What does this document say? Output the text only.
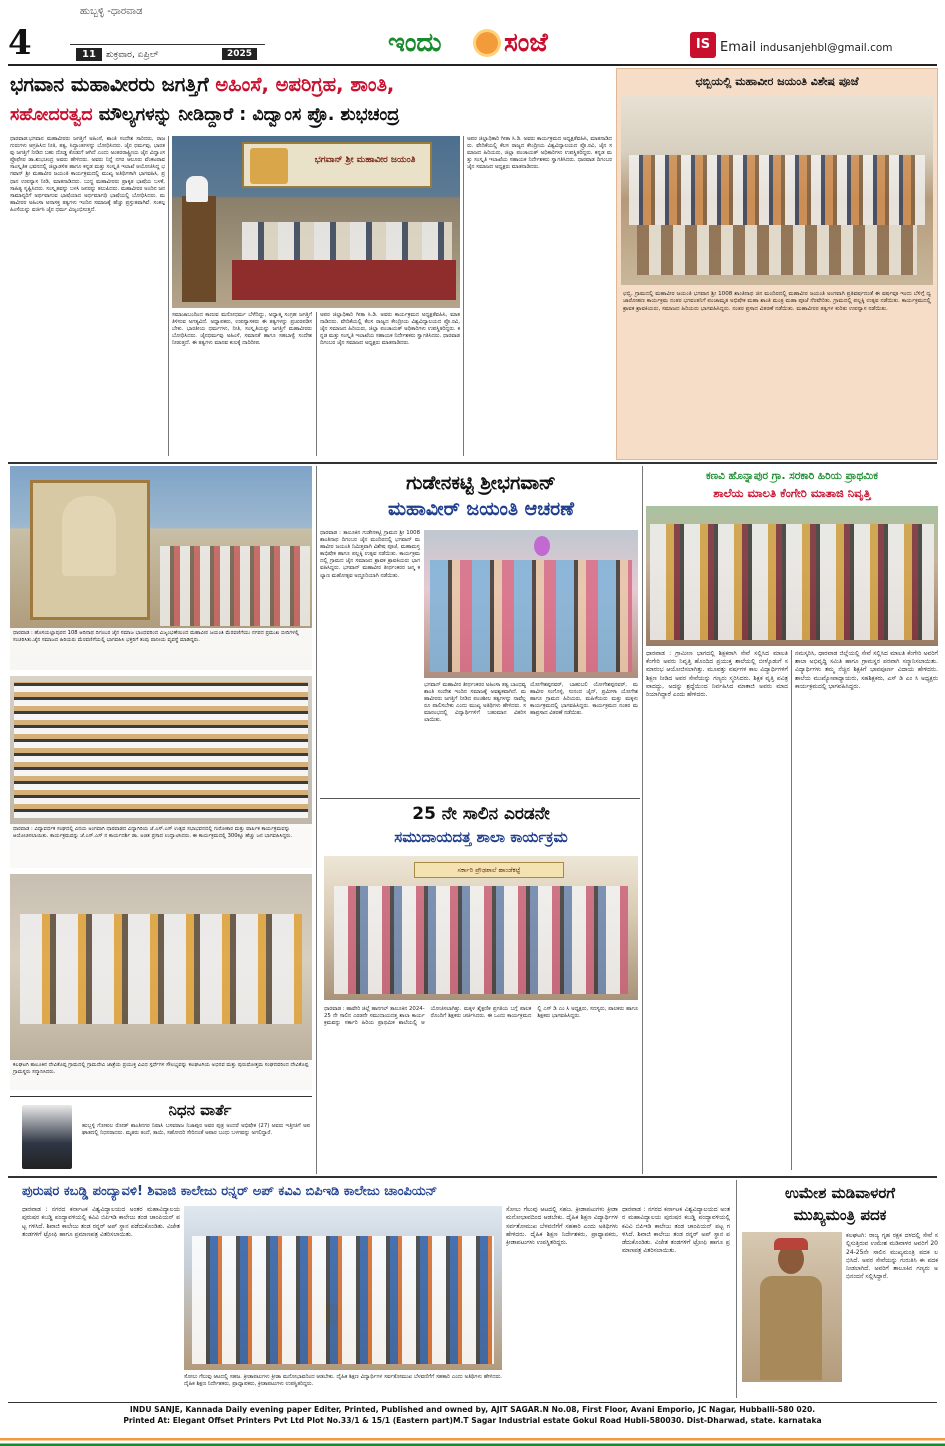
4
ಹುಬ್ಬಳ್ಳಿ -ಧಾರವಾಡ
11	ಶುಕ್ರವಾರ, ಏಪ್ರಿಲ್	2025	ಇಂದು ಸಂಜೆ	IS Email indusanjehbl@gmail.com
ಭಗವಾನ ಮಹಾವೀರರು ಜಗತ್ತಿಗೆ ಅಹಿಂಸೆ, ಅಪರಿಗ್ರಹ, ಶಾಂತಿ,
ಸಹೋದರತ್ವದ ಮೌಲ್ಯಗಳನ್ನು ನೀಡಿದ್ದಾರೆ : ವಿದ್ವಾಂಸ ಪ್ರೊ. ಶುಭಚಂದ್ರ
ಧಾರವಾಡ:ಭಗವಾನ ಮಹಾವೀರರು ಜಗತ್ತಿಗೆ ಅಹಿಂಸೆ, ಶಾಂತಿ ಸಂದೇಶ ಸಾರಿದರು, ರಾಜಗುರುಗಳು ಆಗ್ರಹಿಸಿದ ನೀತಿ, ತತ್ವ, ಸಿದ್ಧಾಂತಗಳನ್ನು ಬೋಧಿಸಿದರು. ಜೈನ ಧರ್ಮವು, ಭಾರತವು ಜಗತ್ತಿಗೆ ನೀಡಿದ ಬಹು ದೊಡ್ಡ ಕೊಡುಗೆ ಆಗಿದೆ ಎಂದು ಅಂತರರಾಷ್ಟ್ರೀಯ ಜೈನ ವಿದ್ವಾಂಸ ಪ್ರೊಫೆಸರ ಡಾ.ಶುಭಚಂದ್ರ ಅವರು ಹೇಳಿದರು. ಅವರು ನಿನ್ನೆ ನಗರ ಆಲೂರು ವೆಂಕಟರಾವ ಸಾಂಸ್ಕೃತಿಕ ಭವನದಲ್ಲಿ ಜಿಲ್ಲಾಡಳಿತ ಹಾಗೂ ಕನ್ನಡ ಮತ್ತು ಸಂಸ್ಕೃತಿ ಇಲಾಖೆ ಆಯೋಜಿಸಿದ್ದ ಭಗವಾನ್ ಶ್ರೀ ಮಹಾವೀರ ಜಯಂತಿ ಕಾರ್ಯಕ್ರಮದಲ್ಲಿ ಮುಖ್ಯ ಅತಿಥಿಗಳಾಗಿ ಭಾಗವಹಿಸಿ, ಪ್ರಧಾನ ಉಪನ್ಯಾಸ ನೀಡಿ, ಮಾತನಾಡಿದರು. ಬುದ್ಧ ಮಹಾವೀರರು ಪ್ರಾಕೃತ ಭಾಷೆಯ ಬಳಕೆ, ಸಾಹಿತ್ಯ ಸೃಷ್ಟಿಸಿದರು. ಸಂಸ್ಕೃತವನ್ನು ಬಳಸಿ ಜನರನ್ನು ತಲುಪಿದರು. ಮಹಾವೀರರ ಅಂದಿನ ಜನಸಾಮಾನ್ಯರಿಗೆ ಅರ್ಥವಾಗುವ ಭಾಷೆಯಾದ ಅರ್ಧಮಾಗಧಿ ಭಾಷೆಯಲ್ಲಿ ಬೋಧಿಸಿದರು. ಮಹಾವೀರರ ಅಹಿಂಸಾ ಅನಾಸಕ್ತ ತತ್ವಗಳು ಇಂದಿನ ಸಮಾಜಕ್ಕೆ ಹೆಚ್ಚು ಪ್ರಸ್ತುತವಾಗಿವೆ. ಸಂಕಲ್ಪ ಹಿಂಸೆಯನ್ನು ವರ್ಜಿಸಿ ಜೈನ ಧರ್ಮ ವಿಜೃಂಭಿಸುತ್ತದೆ.
ಭಗವಾನ್ ಶ್ರೀ ಮಹಾವೀರ ಜಯಂತಿ
ಸಮಾಜಾಬಂದಿಂದ ಕಾಣುವ ಮನೋಧರ್ಮ ಬೆಳೆದಿದ್ದು, ಅಧ್ಯಾತ್ಮ ಸಂಗ್ರಹ ಜಗತ್ತಿಗೆ ತಿಳಿಸುವ ಅಗತ್ಯವಿದೆ. ಅಧ್ಯಾಪಕರು, ಉಪನ್ಯಾಸಕರು ಈ ತತ್ವಗಳನ್ನು ಪ್ರಚುರಪಡಿಸಬೇಕು. ಭಾರತೀಯ ಧರ್ಮಗಳು, ನೀತಿ, ಸಂಸ್ಕೃತಿಯನ್ನು ಜಗತ್ತಿಗೆ ಮಹಾವೀರರು ಬೋಧಿಸಿದರು. ಜೈನಧರ್ಮವು ಅಹಿಂಸೆ, ಸಮಾನತೆ ಹಾಗೂ ಸಹಬಾಳ್ವೆ ಸಂದೇಶ ನೀಡುತ್ತದೆ. ಈ ತತ್ವಗಳು ಮಾನವ ಕುಲಕ್ಕೆ ದಾರಿದೀಪ.
ಅಪರ ಜಿಲ್ಲಾಧಿಕಾರಿ ಗೀತಾ ಸಿ.ಡಿ. ಅವರು ಕಾರ್ಯಕ್ರಮದ ಅಧ್ಯಕ್ಷತೆವಹಿಸಿ, ಮಾತನಾಡಿದರು. ವೇದಿಕೆಯಲ್ಲಿ ಕೆಲಸ ರಾಜ್ಯದ ಕೇಂದ್ರೀಯ ವಿಶ್ವವಿದ್ಯಾಲಯದ ಪ್ರೊ.ರವಿ, ಜೈನ ಸಮಾಜದ ಹಿರಿಯರು, ಜಿಲ್ಲಾ ಪಂಚಾಯತ್ ಅಧಿಕಾರಿಗಳು ಉಪಸ್ಥಿತರಿದ್ದರು. ಕನ್ನಡ ಮತ್ತು ಸಂಸ್ಕೃತಿ ಇಲಾಖೆಯ ಸಹಾಯಕ ನಿರ್ದೇಶಕರು ಸ್ವಾಗತಿಸಿದರು. ಧಾರವಾಡ ದಿಗಂಬರ ಜೈನ ಸಮಾಜದ ಅಧ್ಯಕ್ಷರು ಮಾತನಾಡಿದರು.
ಅಪರ ಜಿಲ್ಲಾಧಿಕಾರಿ ಗೀತಾ ಸಿ.ಡಿ. ಅವರು ಕಾರ್ಯಕ್ರಮದ ಅಧ್ಯಕ್ಷತೆವಹಿಸಿ, ಮಾತನಾಡಿದರು. ವೇದಿಕೆಯಲ್ಲಿ ಕೆಲಸ ರಾಜ್ಯದ ಕೇಂದ್ರೀಯ ವಿಶ್ವವಿದ್ಯಾಲಯದ ಪ್ರೊ.ರವಿ, ಜೈನ ಸಮಾಜದ ಹಿರಿಯರು, ಜಿಲ್ಲಾ ಪಂಚಾಯತ್ ಅಧಿಕಾರಿಗಳು ಉಪಸ್ಥಿತರಿದ್ದರು. ಕನ್ನಡ ಮತ್ತು ಸಂಸ್ಕೃತಿ ಇಲಾಖೆಯ ಸಹಾಯಕ ನಿರ್ದೇಶಕರು ಸ್ವಾಗತಿಸಿದರು. ಧಾರವಾಡ ದಿಗಂಬರ ಜೈನ ಸಮಾಜದ ಅಧ್ಯಕ್ಷರು ಮಾತನಾಡಿದರು.
ಛಬ್ಬಿಯಲ್ಲಿ ಮಹಾವೀರ ಜಯಂತಿ ವಿಶೇಷ ಪೂಜೆ
ಛಬ್ಬಿ, ಗ್ರಾಮದಲ್ಲಿ ಮಹಾವೀರ ಜಯಂತಿ ಭಗವಾನ ಶ್ರೀ 1008 ಶಾಂತಿನಾಥ ಜಿನ ಮಂದಿರದಲ್ಲಿ ಮಹಾವೀರ ಜಯಂತಿ ಅಂಗವಾಗಿ ಪ್ರತಿವರ್ಷದಂತೆ ಈ ವರ್ಷವೂ ಇಂದು ಬೆಳಿಗ್ಗೆ ದ್ವಜಾರೋಹಣ ಕಾರ್ಯಕ್ರಮ ನಂತರ ಭಗವಂತನಿಗೆ ಪಂಚಾಮೃತ ಅಭಿಷೇಕ ಮಹಾ ಶಾಂತಿ ಮಂತ್ರ ಮಹಾ ಪೂಜೆ ನೆರವೇರಿತು. ಗ್ರಾಮದಲ್ಲಿ ಪಲ್ಲಕ್ಕಿ ಉತ್ಸವ ನಡೆಯಿತು. ಕಾರ್ಯಕ್ರಮದಲ್ಲಿ ಶ್ರಾವಕ ಶ್ರಾವಕಿಯರು, ಸಮಾಜದ ಹಿರಿಯರು ಭಾಗವಹಿಸಿದ್ದರು. ನಂತರ ಪ್ರಸಾದ ವಿತರಣೆ ನಡೆಯಿತು. ಮಹಾವೀರರ ತತ್ವಗಳ ಕುರಿತು ಉಪನ್ಯಾಸ ನಡೆಯಿತು.
ಧಾರವಾಡ : ಹೊಸಯಲ್ಲಾಪುರದ 108 ಆದಿನಾಥ ದಿಗಂಬರ ಜೈನ ಸಮಾಜ ಭಾಂಧವರಿಂದ ವಿಜೃಂಭಣೆಯಿಂದ ಮಹಾವೀರ ಜಯಂತಿ ಮೆರವಣಿಗೆಯು ನಗರದ ಪ್ರಮುಖ ಬೀದಿಗಳಲ್ಲಿ ಸಂಚರಿಸಿತು.ಜೈನ ಸಮಾಜದ ಹಿರಿಯರು ಮೆರವಣಿಗೆಯಲ್ಲಿ ಭಾಗವಹಿಸಿ ಭಕ್ತರಿಗೆ ತಂಪು ಪಾನೀಯ ವ್ಯವಸ್ಥೆ ಮಾಡಿದ್ದರು.
ಧಾರವಾಡ : ವಿದ್ಯಾವರ್ಧಕ ಸಂಘದಲ್ಲಿ ವಿನಯ ಅಂಗವಾಗಿ ಧಾರವಾಡದ ವಿದ್ಯಾಗಿರಿಯ ಜೆ.ಎಸ್.ಎಸ್ ಉತ್ಸವ ಸಭಾಭವನದಲ್ಲಿ ಗುರೋಕಾರ ಮತ್ತು ವಾರ್ಷಿಕ ಕಾರ್ಯಕ್ರಮವನ್ನು ಆಯೋಜಿಸಲಾಯಿತು. ಕಾರ್ಯಕ್ರಮವನ್ನು ಜೆ.ಎಸ್.ಎಸ್ ನ ಕಾರ್ಯದರ್ಶಿ ಡಾ. ಅಜಿತ ಪ್ರಸಾದ ಉದ್ಘಾಟಿಸಿದರು. ಈ ಕಾರ್ಯಕ್ರಮದಲ್ಲಿ 300ಕ್ಕೂ ಹೆಚ್ಚು ಜನ ಭಾಗವಹಿಸಿದ್ದರು.
ಕಲಘಟಗಿ ತಾಲೂಕಿನ ದೇವಿಕೊಪ್ಪ ಗ್ರಾಮದಲ್ಲಿ ಗ್ರಾಮದೇವಿ ಜಾತ್ರೆಯ ಪ್ರಯುಕ್ತ ವಿವಿಧ ಸ್ಪರ್ಧೆಗಳ ಸೌಲಭ್ಯವನ್ನು ಕಲಘಟಗಿಯ ಅಭಿನವ ಮತ್ತು ಪುರುಷೋತ್ತಮ ಸಂಘದವರಿಂದ ದೇವಿಕೊಪ್ಪ ಗ್ರಾಮಸ್ಥರು ಸನ್ಮಾನಿಸಿದರು.
ನಿಧನ ವಾರ್ತೆ
ಹುಬ್ಬಳ್ಳಿ ಗೋಕುಲ ರೋಡ್ ಶಾಂತಿನಗರ ನಿವಾಸಿ ಬಸವರಾಜ ನಿಜಾಪುರ ಅವರ ಪುತ್ರ ಅಂದರೆ ಅಭಿಷೇಕ (27) ಅವರು ಇತ್ತೀಚಿಗೆ ಅಪಘಾತದಲ್ಲಿ ನಿಧನರಾದರು. ಮೃತರು ತಂದೆ, ತಾಯಿ, ಸಹೋದರಿ ಸೇರಿದಂತೆ ಅಪಾರ ಬಂಧು ಬಳಗವನ್ನು ಅಗಲಿದ್ದಾರೆ.
ಗುಡೇನಕಟ್ಟಿ ಶ್ರೀಭಗವಾನ್
ಮಹಾವೀರ್ ಜಯಂತಿ ಆಚರಣೆ
ಧಾರವಾಡ : ತಾಲೂಕಿನ ಗುಡೇನಕಟ್ಟಿ ಗ್ರಾಮದ ಶ್ರೀ 1008 ಶಾಂತಿನಾಥ ದಿಗಂಬರ ಜೈನ ಮಂದಿರದಲ್ಲಿ ಭಗವಾನ್ ಮಹಾವೀರ ಜಯಂತಿ ನಿಮಿತ್ತವಾಗಿ ವಿಶೇಷ ಪೂಜೆ, ಮಹಾಮಸ್ತಕಾಭಿಷೇಕ ಹಾಗೂ ಪಲ್ಲಕ್ಕಿ ಉತ್ಸವ ನಡೆಯಿತು. ಕಾರ್ಯಕ್ರಮದಲ್ಲಿ ಗ್ರಾಮದ ಜೈನ ಸಮಾಜದ ಶ್ರಾವಕ ಶ್ರಾವಕಿಯರು ಭಾಗವಹಿಸಿದ್ದರು. ಭಗವಾನ್ ಮಹಾವೀರ ತೀರ್ಥಂಕರರ ಜನ್ಮ ಕಲ್ಯಾಣ ಮಹೋತ್ಸವ ಅದ್ದೂರಿಯಾಗಿ ನಡೆಯಿತು.
ಭಗವಾನ್ ಮಹಾವೀರ ತೀರ್ಥಂಕರರ ಅಹಿಂಸಾ ತತ್ವ ಬಾಂಧವ್ಯ ಶಾಂತಿ ಸಂದೇಶ ಇಂದಿನ ಸಮಾಜಕ್ಕೆ ಅವಶ್ಯಕವಾಗಿದೆ. ಮಹಾವೀರರು ಜಗತ್ತಿಗೆ ನೀಡಿದ ಪಂಚಶೀಲ ತತ್ವಗಳನ್ನು ನಾವೆಲ್ಲರೂ ಪಾಲಿಸಬೇಕು ಎಂದು ಮುಖ್ಯ ಅತಿಥಿಗಳು ಹೇಳಿದರು. ಸಮಾರಂಭದಲ್ಲಿ ವಿದ್ಯಾರ್ಥಿಗಳಿಗೆ ಬಹುಮಾನ ವಿತರಿಸಲಾಯಿತು.
ಯೋಗೇಶಪ್ಪನವರ್, ಬಾಹುಬಲಿ ಯೋಗೇಶಪ್ಪನವರ್, ಮಹಾವೀರ ಸಂಗೊಳ್ಳಿ, ಸುನಂದ ಜೈನ್, ಪ್ರಮೀಳಾ ಯೋಗೇಶ ಹಾಗೂ ಗ್ರಾಮದ ಹಿರಿಯರು, ಮಹಿಳೆಯರು ಮತ್ತು ಮಕ್ಕಳು ಕಾರ್ಯಕ್ರಮದಲ್ಲಿ ಭಾಗವಹಿಸಿದ್ದರು. ಕಾರ್ಯಕ್ರಮದ ನಂತರ ಮಹಾಪ್ರಸಾದ ವಿತರಣೆ ನಡೆಯಿತು.
25 ನೇ ಸಾಲಿನ ಎರಡನೇ
ಸಮುದಾಯದತ್ತ ಶಾಲಾ ಕಾರ್ಯಕ್ರಮ
ಸರ್ಕಾರಿ ಪ್ರೌಢಶಾಲೆ ಹಾಂಡೆಕಟ್ಟೆ
ಧಾರವಾಡ : ಹಾವೇರಿ ಜಿಲ್ಲೆ ಹಾನಗಲ್ ತಾಲೂಕಿನ 2024-25 ನೇ ಸಾಲಿನ ಎರಡನೇ ಸಮುದಾಯದತ್ತ ಶಾಲಾ ಕಾರ್ಯಕ್ರಮವನ್ನು ಸರ್ಕಾರಿ ಹಿರಿಯ ಪ್ರಾಥಮಿಕ ಶಾಲೆಯಲ್ಲಿ ಆಯೋಜಿಸಲಾಗಿತ್ತು. ಮಕ್ಕಳ ಶೈಕ್ಷಣಿಕ ಪ್ರಗತಿಯ ಬಗ್ಗೆ ಪಾಲಕರೊಂದಿಗೆ ಶಿಕ್ಷಕರು ಚರ್ಚಿಸಿದರು. ಈ ಒಂದು ಕಾರ್ಯಕ್ರಮದಲ್ಲಿ ಎಸ್ ಡಿ ಎಂ ಸಿ ಅಧ್ಯಕ್ಷರು, ಸದಸ್ಯರು, ಪಾಲಕರು ಹಾಗೂ ಶಿಕ್ಷಕರು ಭಾಗವಹಿಸಿದ್ದರು.
ಕಣವಿ ಹೊನ್ನಾಪುರ ಗ್ರಾ. ಸರಕಾರಿ ಹಿರಿಯ ಪ್ರಾಥಮಿಕ
ಶಾಲೆಯ ಮಾಲತಿ ಕೆಂಗೇರಿ ಮಾತಾಜಿ ನಿವೃತ್ತಿ
ಧಾರವಾಡ : ಗ್ರಾಮೀಣ ಭಾಗದಲ್ಲಿ ಶಿಕ್ಷಕರಾಗಿ ಸೇವೆ ಸಲ್ಲಿಸಿದ ಮಾಲತಿ ಕೆಂಗೇರಿ ಅವರು ನಿವೃತ್ತಿ ಹೊಂದಿದ ಪ್ರಯುಕ್ತ ಶಾಲೆಯಲ್ಲಿ ಬೀಳ್ಕೊಡುಗೆ ಸಮಾರಂಭ ಆಯೋಜಿಸಲಾಗಿತ್ತು. ಮೂವತ್ತು ವರ್ಷಗಳ ಕಾಲ ವಿದ್ಯಾರ್ಥಿಗಳಿಗೆ ಶಿಕ್ಷಣ ನೀಡಿದ ಅವರ ಸೇವೆಯನ್ನು ಗಣ್ಯರು ಸ್ಮರಿಸಿದರು. ಶಿಕ್ಷಕ ವೃತ್ತಿ ಪವಿತ್ರವಾದದ್ದು, ಅದನ್ನು ಶ್ರದ್ಧೆಯಿಂದ ನಿರ್ವಹಿಸಿದ ಮಾತಾಜಿ ಅವರು ಮಾದರಿಯಾಗಿದ್ದಾರೆ ಎಂದು ಹೇಳಿದರು.
ನಮಸ್ಕರಿಸಿ, ಧಾರವಾಡ ಜಿಲ್ಲೆಯಲ್ಲಿ ಸೇವೆ ಸಲ್ಲಿಸಿದ ಮಾಲತಿ ಕೆಂಗೇರಿ ಅವರಿಗೆ ಶಾಲಾ ಅಭಿವೃದ್ಧಿ ಸಮಿತಿ ಹಾಗೂ ಗ್ರಾಮಸ್ಥರ ಪರವಾಗಿ ಸನ್ಮಾನಿಸಲಾಯಿತು. ವಿದ್ಯಾರ್ಥಿಗಳು ತಮ್ಮ ನೆಚ್ಚಿನ ಶಿಕ್ಷಕಿಗೆ ಭಾವಪೂರ್ಣ ವಿದಾಯ ಹೇಳಿದರು. ಶಾಲೆಯ ಮುಖ್ಯೋಪಾಧ್ಯಾಯರು, ಸಹಶಿಕ್ಷಕರು, ಎಸ್ ಡಿ ಎಂ ಸಿ ಅಧ್ಯಕ್ಷರು ಕಾರ್ಯಕ್ರಮದಲ್ಲಿ ಭಾಗವಹಿಸಿದ್ದರು.
ಪುರುಷರ ಕಬಡ್ಡಿ ಪಂದ್ಯಾವಳಿ! ಶಿವಾಜಿ ಕಾಲೇಜು ರನ್ನರ್ ಅಪ್ ಕವಿವಿ ಬಿಪಿಇಡಿ ಕಾಲೇಜು ಚಾಂಪಿಯನ್
ಧಾರವಾಡ : ನಗರದ ಕರ್ನಾಟಕ ವಿಶ್ವವಿದ್ಯಾಲಯದ ಅಂತರ ಮಹಾವಿದ್ಯಾಲಯ ಪುರುಷರ ಕಬಡ್ಡಿ ಪಂದ್ಯಾವಳಿಯಲ್ಲಿ ಕವಿವಿ ಬಿಪಿಇಡಿ ಕಾಲೇಜು ತಂಡ ಚಾಂಪಿಯನ್ ಪಟ್ಟ ಗಳಿಸಿದೆ. ಶಿವಾಜಿ ಕಾಲೇಜು ತಂಡ ರನ್ನರ್ ಅಪ್ ಸ್ಥಾನ ಪಡೆದುಕೊಂಡಿತು. ವಿಜೇತ ತಂಡಗಳಿಗೆ ಟ್ರೋಫಿ ಹಾಗೂ ಪ್ರಮಾಣಪತ್ರ ವಿತರಿಸಲಾಯಿತು.
ಸೋಲು ಗೆಲುವು ಆಟದಲ್ಲಿ ಸಹಜ. ಕ್ರೀಡಾಪಟುಗಳು ಕ್ರೀಡಾ ಮನೋಭಾವದಿಂದ ಆಡಬೇಕು. ದೈಹಿಕ ಶಿಕ್ಷಣ ವಿದ್ಯಾರ್ಥಿಗಳ ಸರ್ವತೋಮುಖ ಬೆಳವಣಿಗೆಗೆ ಸಹಕಾರಿ ಎಂದು ಅತಿಥಿಗಳು ಹೇಳಿದರು. ದೈಹಿಕ ಶಿಕ್ಷಣ ನಿರ್ದೇಶಕರು, ಪ್ರಾಧ್ಯಾಪಕರು, ಕ್ರೀಡಾಪಟುಗಳು ಉಪಸ್ಥಿತರಿದ್ದರು.
ಸೋಲು ಗೆಲುವು ಆಟದಲ್ಲಿ ಸಹಜ. ಕ್ರೀಡಾಪಟುಗಳು ಕ್ರೀಡಾ ಮನೋಭಾವದಿಂದ ಆಡಬೇಕು. ದೈಹಿಕ ಶಿಕ್ಷಣ ವಿದ್ಯಾರ್ಥಿಗಳ ಸರ್ವತೋಮುಖ ಬೆಳವಣಿಗೆಗೆ ಸಹಕಾರಿ ಎಂದು ಅತಿಥಿಗಳು ಹೇಳಿದರು. ದೈಹಿಕ ಶಿಕ್ಷಣ ನಿರ್ದೇಶಕರು, ಪ್ರಾಧ್ಯಾಪಕರು, ಕ್ರೀಡಾಪಟುಗಳು ಉಪಸ್ಥಿತರಿದ್ದರು.
ಧಾರವಾಡ : ನಗರದ ಕರ್ನಾಟಕ ವಿಶ್ವವಿದ್ಯಾಲಯದ ಅಂತರ ಮಹಾವಿದ್ಯಾಲಯ ಪುರುಷರ ಕಬಡ್ಡಿ ಪಂದ್ಯಾವಳಿಯಲ್ಲಿ ಕವಿವಿ ಬಿಪಿಇಡಿ ಕಾಲೇಜು ತಂಡ ಚಾಂಪಿಯನ್ ಪಟ್ಟ ಗಳಿಸಿದೆ. ಶಿವಾಜಿ ಕಾಲೇಜು ತಂಡ ರನ್ನರ್ ಅಪ್ ಸ್ಥಾನ ಪಡೆದುಕೊಂಡಿತು. ವಿಜೇತ ತಂಡಗಳಿಗೆ ಟ್ರೋಫಿ ಹಾಗೂ ಪ್ರಮಾಣಪತ್ರ ವಿತರಿಸಲಾಯಿತು.
ಉಮೇಶ ಮಡಿವಾಳರಗೆ
ಮುಖ್ಯಮಂತ್ರಿ ಪದಕ
ಕಲಘಟಗಿ: ರಾಜ್ಯ ಗೃಹ ರಕ್ಷಕ ದಳದಲ್ಲಿ ಸೇವೆ ಸಲ್ಲಿಸುತ್ತಿರುವ ಉಮೇಶ ಮಡಿವಾಳರ ಅವರಿಗೆ 2024-25ನೇ ಸಾಲಿನ ಮುಖ್ಯಮಂತ್ರಿ ಪದಕ ಲಭಿಸಿದೆ. ಅವರ ಸೇವೆಯನ್ನು ಗುರುತಿಸಿ ಈ ಪದಕ ನೀಡಲಾಗಿದೆ. ಅವರಿಗೆ ತಾಲೂಕಿನ ಗಣ್ಯರು ಅಭಿನಂದನೆ ಸಲ್ಲಿಸಿದ್ದಾರೆ.
INDU SANJE, Kannada Daily evening paper Editer, Printed, Published and owned by, AJIT SAGAR.N No.08, First Floor, Avani Emporio, JC Nagar, Hubballi-580 020.
Printed At: Elegant Offset Printers Pvt Ltd Plot No.33/1 & 15/1 (Eastern part)M.T Sagar Industrial estate Gokul Road Hubli-580030. Dist-Dharwad, state. karnataka
